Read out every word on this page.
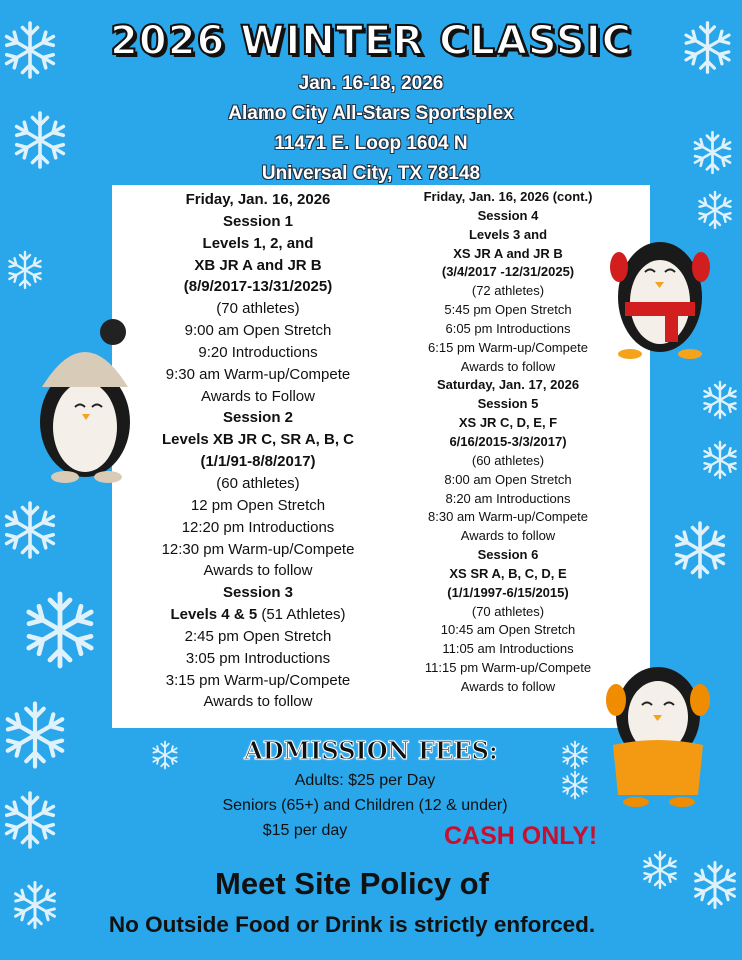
2026 WINTER CLASSIC
Jan. 16-18, 2026
Alamo City All-Stars Sportsplex
11471 E. Loop 1604 N
Universal City, TX 78148
Friday, Jan. 16, 2026
Session 1
Levels 1, 2, and
XB JR A and JR B
(8/9/2017-13/31/2025)
(70 athletes)
9:00 am Open Stretch
9:20 Introductions
9:30 am Warm-up/Compete
Awards to Follow
Session 2
Levels XB JR C, SR A, B, C
(1/1/91-8/8/2017)
(60 athletes)
12 pm Open Stretch
12:20 pm Introductions
12:30 pm Warm-up/Compete
Awards to follow
Session 3
Levels 4 & 5 (51 Athletes)
2:45 pm Open Stretch
3:05 pm Introductions
3:15 pm Warm-up/Compete
Awards to follow
Friday, Jan. 16, 2026 (cont.)
Session 4
Levels 3 and
XS JR A and JR B
(3/4/2017 -12/31/2025)
(72 athletes)
5:45 pm Open Stretch
6:05 pm Introductions
6:15 pm Warm-up/Compete
Awards to follow
Saturday, Jan. 17, 2026
Session 5
XS JR C, D, E, F
6/16/2015-3/3/2017)
(60 athletes)
8:00 am Open Stretch
8:20 am Introductions
8:30 am Warm-up/Compete
Awards to follow
Session 6
XS SR A, B, C, D, E
(1/1/1997-6/15/2015)
(70 athletes)
10:45 am Open Stretch
11:05 am Introductions
11:15 pm Warm-up/Compete
Awards to follow
ADMISSION FEES:
Adults: $25 per Day
Seniors (65+) and Children (12 & under)
$15 per day	CASH ONLY!
Meet Site Policy of
No Outside Food or Drink is strictly enforced.
